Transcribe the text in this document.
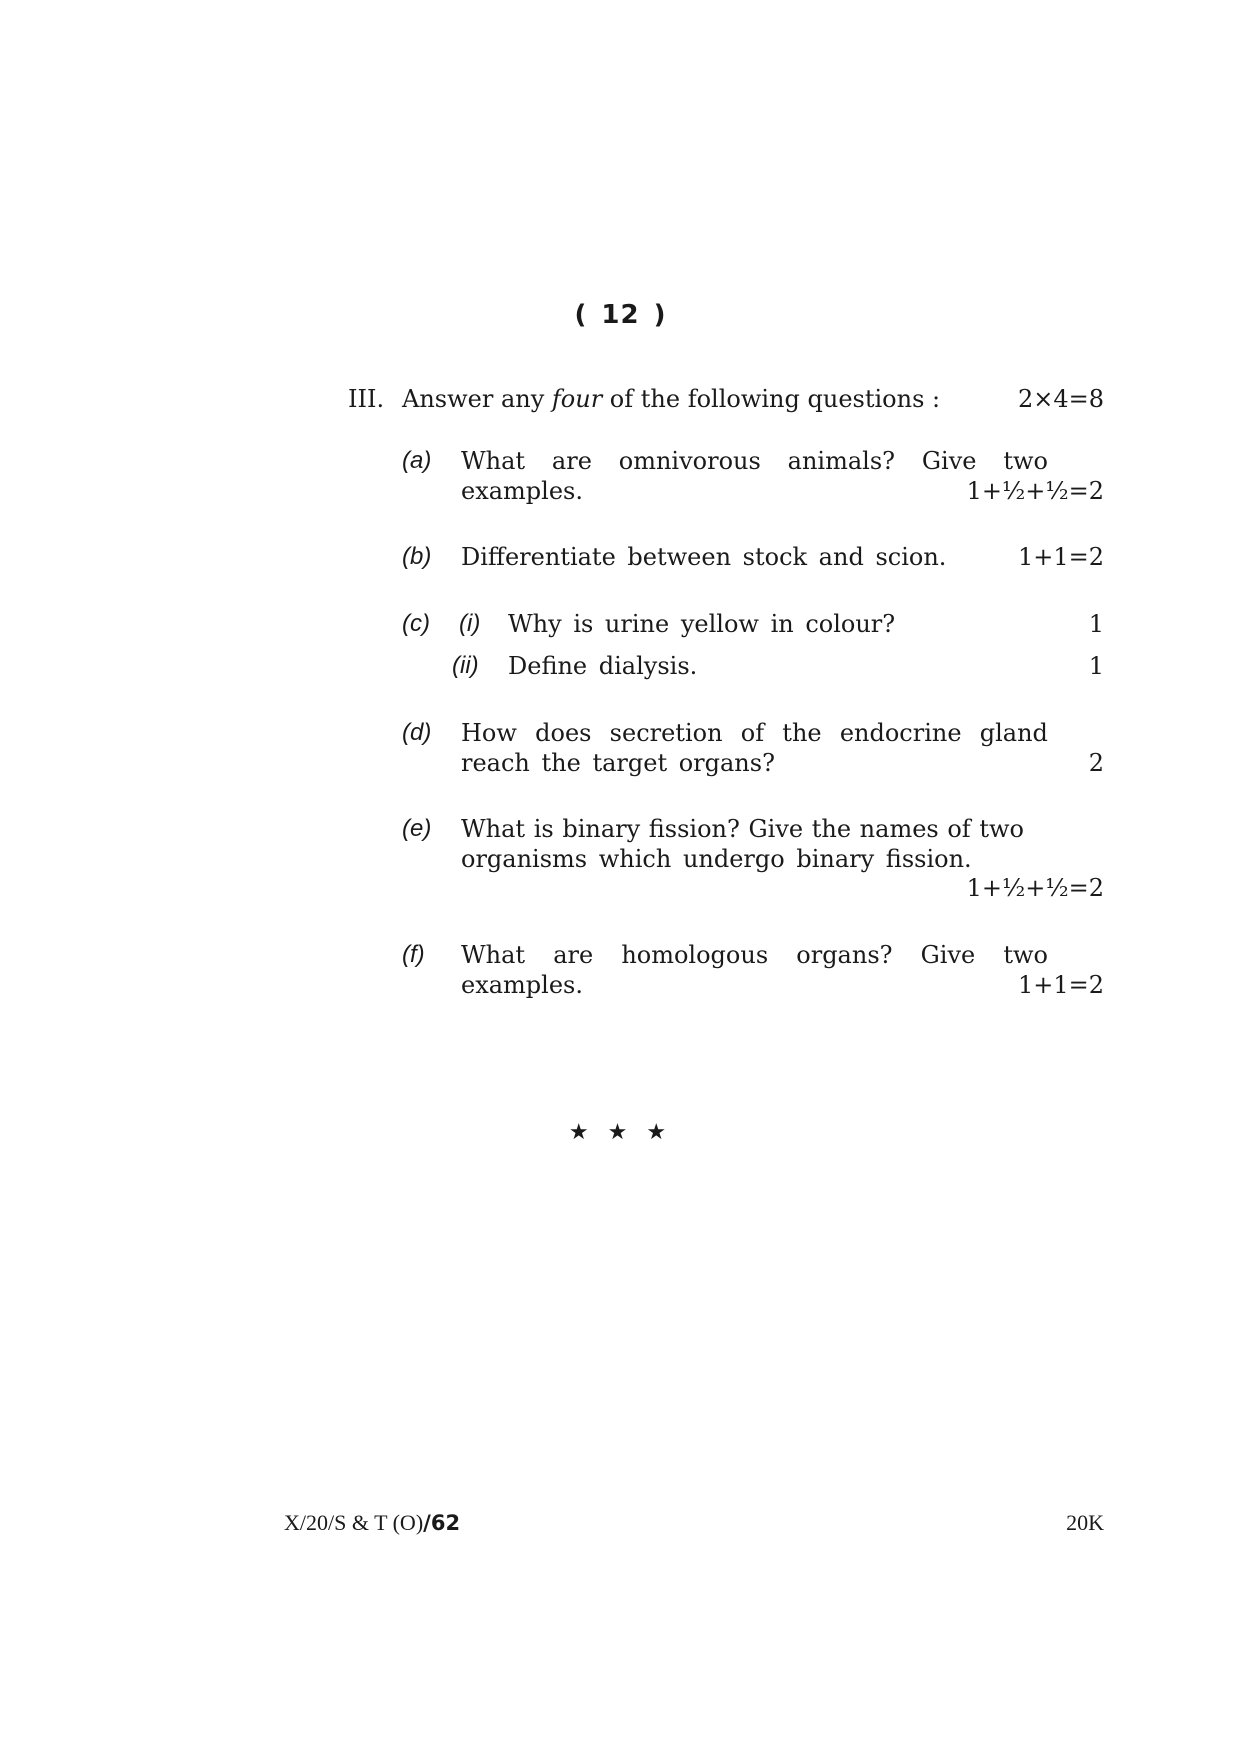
( 12 )
III. Answer any four of the following questions :	2×4=8
(a) What are omnivorous animals? Give two
examples.	1+½+½=2
(b) Differentiate between stock and scion.	1+1=2
(c) (i) Why is urine yellow in colour?	1
(ii) Define dialysis.	1
(d) How does secretion of the endocrine gland
reach the target organs?	2
(e) What is binary fission? Give the names of two
organisms which undergo binary fission.
1+½+½=2
(f) What are homologous organs? Give two
examples.	1+1=2
★ ★ ★
X/20/S & T (O)/62	20K
